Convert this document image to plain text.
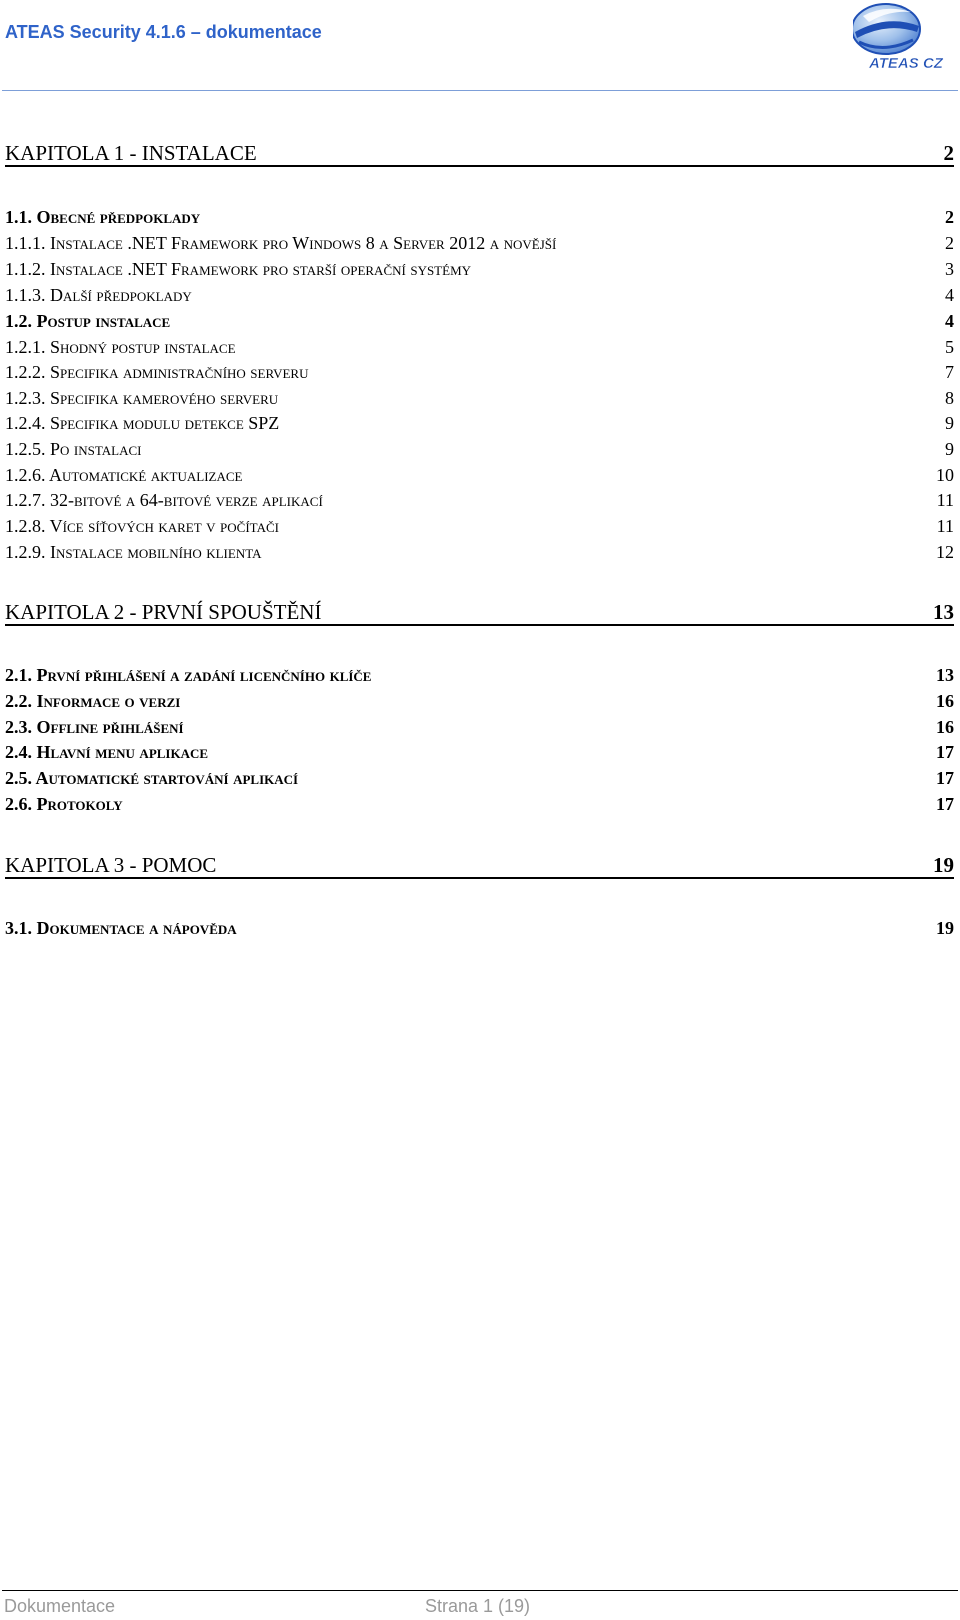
ATEAS Security 4.1.6 – dokumentace
ATEAS CZ
KAPITOLA 1 - INSTALACE	2
1.1. Obecné předpoklady	2
1.1.1. Instalace .NET Framework pro Windows 8 a Server 2012 a novější	2
1.1.2. Instalace .NET Framework pro starší operační systémy	3
1.1.3. Další předpoklady	4
1.2. Postup instalace	4
1.2.1. Shodný postup instalace	5
1.2.2. Specifika administračního serveru	7
1.2.3. Specifika kamerového serveru	8
1.2.4. Specifika modulu detekce SPZ	9
1.2.5. Po instalaci	9
1.2.6. Automatické aktualizace	10
1.2.7. 32-bitové a 64-bitové verze aplikací	11
1.2.8. Více síťových karet v počítači	11
1.2.9. Instalace mobilního klienta	12
KAPITOLA 2 - PRVNÍ SPOUŠTĚNÍ	13
2.1. První přihlášení a zadání licenčního klíče	13
2.2. Informace o verzi	16
2.3. Offline přihlášení	16
2.4. Hlavní menu aplikace	17
2.5. Automatické startování aplikací	17
2.6. Protokoly	17
KAPITOLA 3 - POMOC	19
3.1. Dokumentace a nápověda	19
Dokumentace	Strana 1 (19)
